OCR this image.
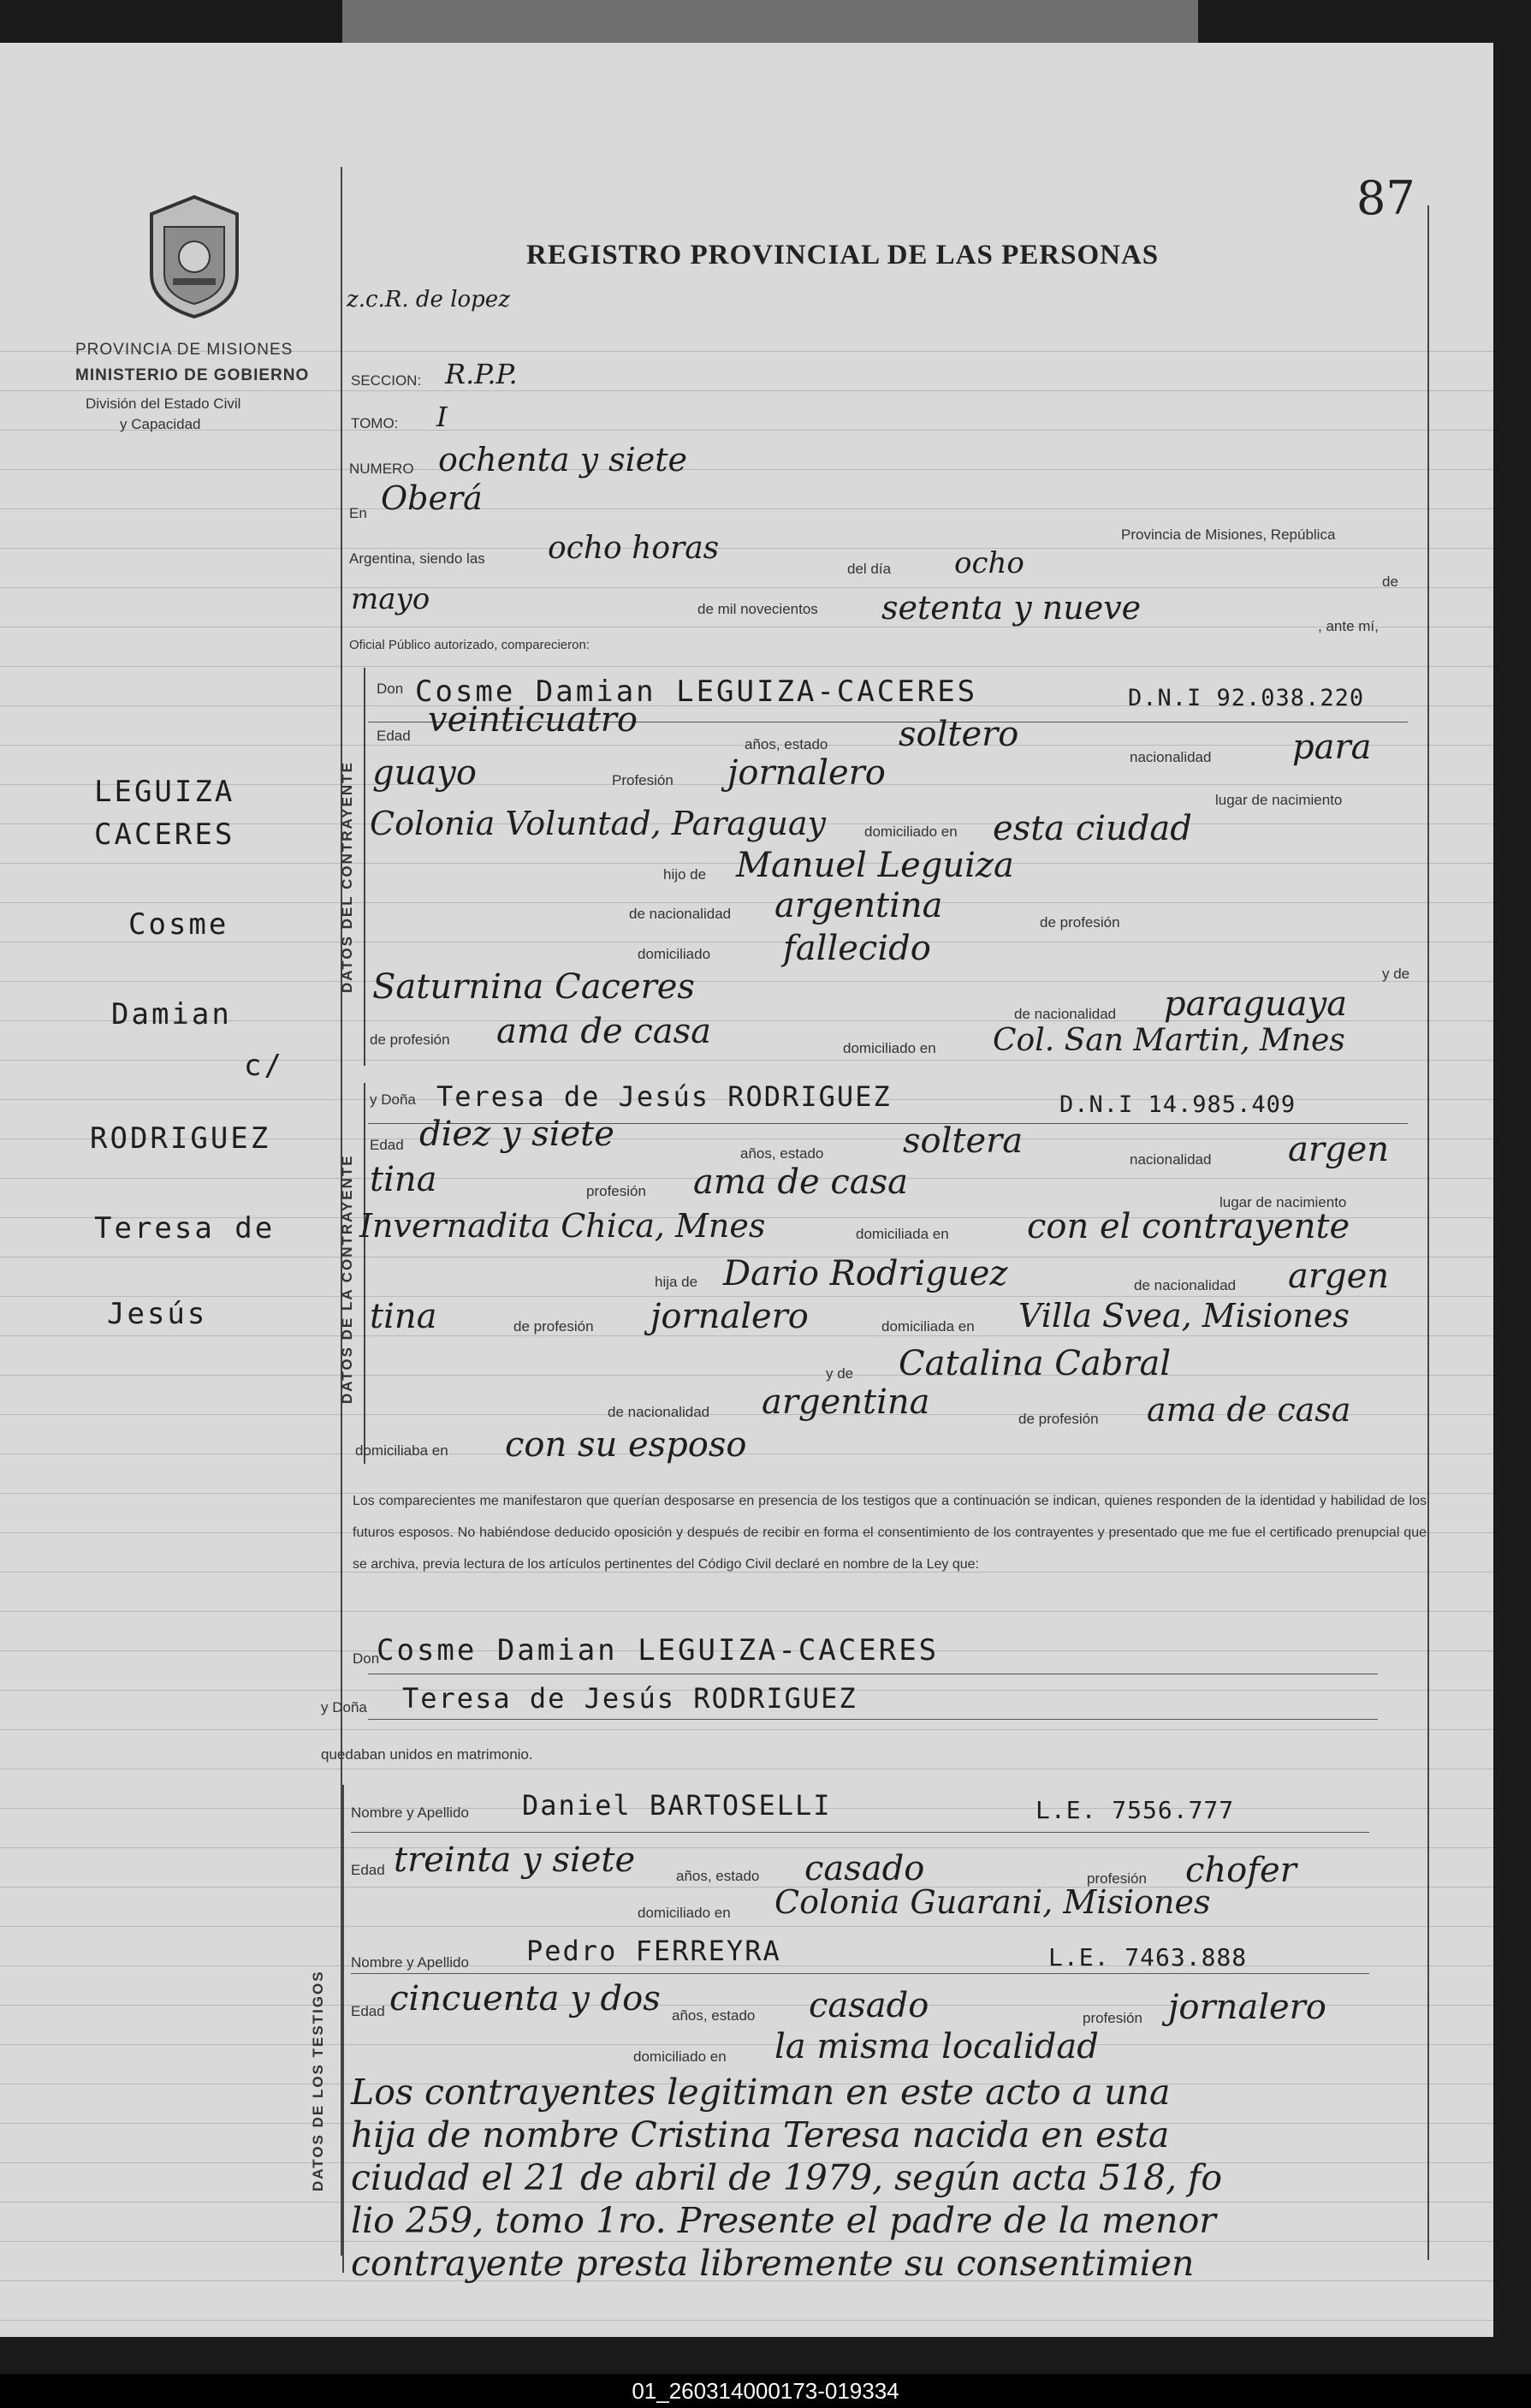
PROVINCIA DE MISIONES
MINISTERIO DE GOBIERNO
División del Estado Civil
y Capacidad
87
REGISTRO PROVINCIAL DE LAS PERSONAS
z.c.R. de lopez
LEGUIZA
CACERES
Cosme
Damian
c/
RODRIGUEZ
Teresa de
Jesús
SECCION: R.P.P.
TOMO: I
NUMERO ochenta y siete
En Oberá
Provincia de Misiones, República
Argentina, siendo las ocho horas
del día ocho
de
mayo	de mil novecientos setenta y nueve	, ante mí,
Oficial Público autorizado, comparecieron:
DATOS DEL CONTRAYENTE
Don Cosme Damian LEGUIZA-CACERES	D.N.I 92.038.220
Edad veinticuatro
años, estado soltero
nacionalidad para
guayo	Profesión jornalero
lugar de nacimiento
Colonia Voluntad, Paraguay	domiciliado en esta ciudad
hijo de Manuel Leguiza
de nacionalidad argentina	de profesión
domiciliado fallecido
y de
Saturnina Caceres
de nacionalidad paraguaya
de profesión ama de casa	domiciliado en Col. San Martin, Mnes
DATOS DE LA CONTRAYENTE
y Doña Teresa de Jesús RODRIGUEZ	D.N.I 14.985.409
Edad diez y siete	años, estado soltera	nacionalidad argen
tina	profesión ama de casa
lugar de nacimiento
Invernadita Chica, Mnes	domiciliada en con el contrayente
hija de Dario Rodriguez	de nacionalidad argen
tina	de profesión jornalero	domiciliada en Villa Svea, Misiones
y de Catalina Cabral
de nacionalidad argentina	de profesión ama de casa
domiciliaba en con su esposo
Los comparecientes me manifestaron que querían desposarse en presencia de los testigos que a continuación se indican, quienes responden de la identidad y habilidad de los futuros esposos. No habiéndose deducido oposición y después de recibir en forma el consentimiento de los contrayentes y presentado que me fue el certificado prenupcial que se archiva, previa lectura de los artículos pertinentes del Código Civil declaré en nombre de la Ley que:
Don
Cosme Damian LEGUIZA-CACERES
y Doña Teresa de Jesús RODRIGUEZ
quedaban unidos en matrimonio.
DATOS DE LOS TESTIGOS
Nombre y Apellido Daniel BARTOSELLI	L.E. 7556.777
Edad treinta y siete	años, estado casado	profesión chofer
domiciliado en Colonia Guarani, Misiones
Nombre y Apellido Pedro FERREYRA	L.E. 7463.888
Edad cincuenta y dos años, estado casado	profesión jornalero
domiciliado en la misma localidad
Los contrayentes legitiman en este acto a una
hija de nombre Cristina Teresa nacida en esta
ciudad el 21 de abril de 1979, según acta 518, fo
lio 259, tomo 1ro. Presente el padre de la menor
contrayente presta libremente su consentimien
01_260314000173-019334
